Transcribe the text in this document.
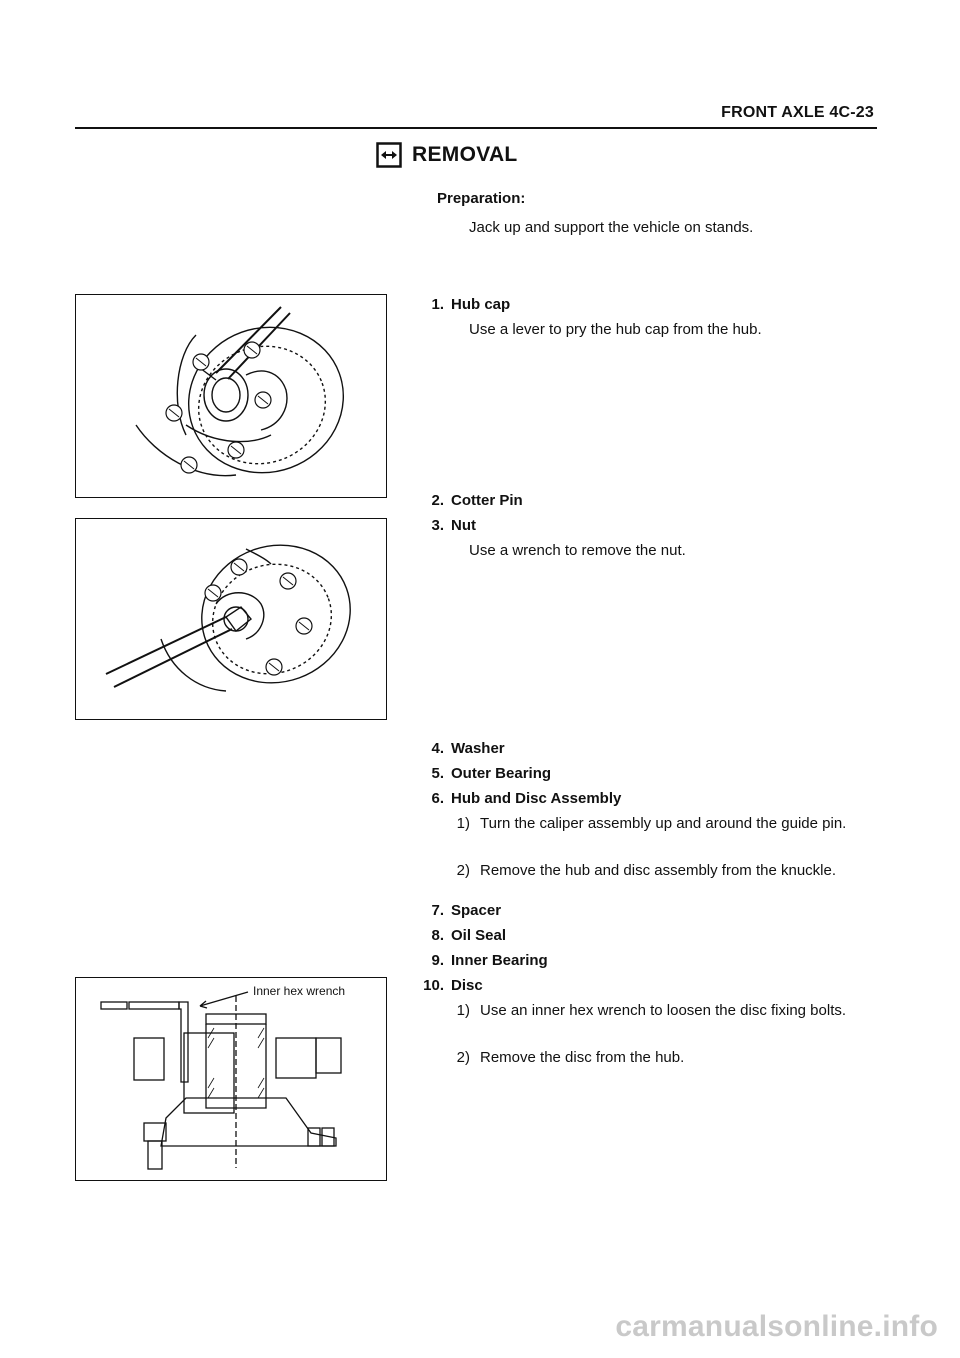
FRONT AXLE 4C-23
REMOVAL
Preparation:
Jack up and support the vehicle on stands.
1. Hub cap
Use a lever to pry the hub cap from the hub.
2. Cotter Pin
3. Nut
Use a wrench to remove the nut.
4. Washer
5. Outer Bearing
6. Hub and Disc Assembly
1) Turn the caliper assembly up and around the guide pin.
2) Remove the hub and disc assembly from the knuckle.
7. Spacer
8. Oil Seal
9. Inner Bearing
10. Disc
1) Use an inner hex wrench to loosen the disc fixing bolts.
2) Remove the disc from the hub.
Inner hex wrench
carmanualsonline.info
